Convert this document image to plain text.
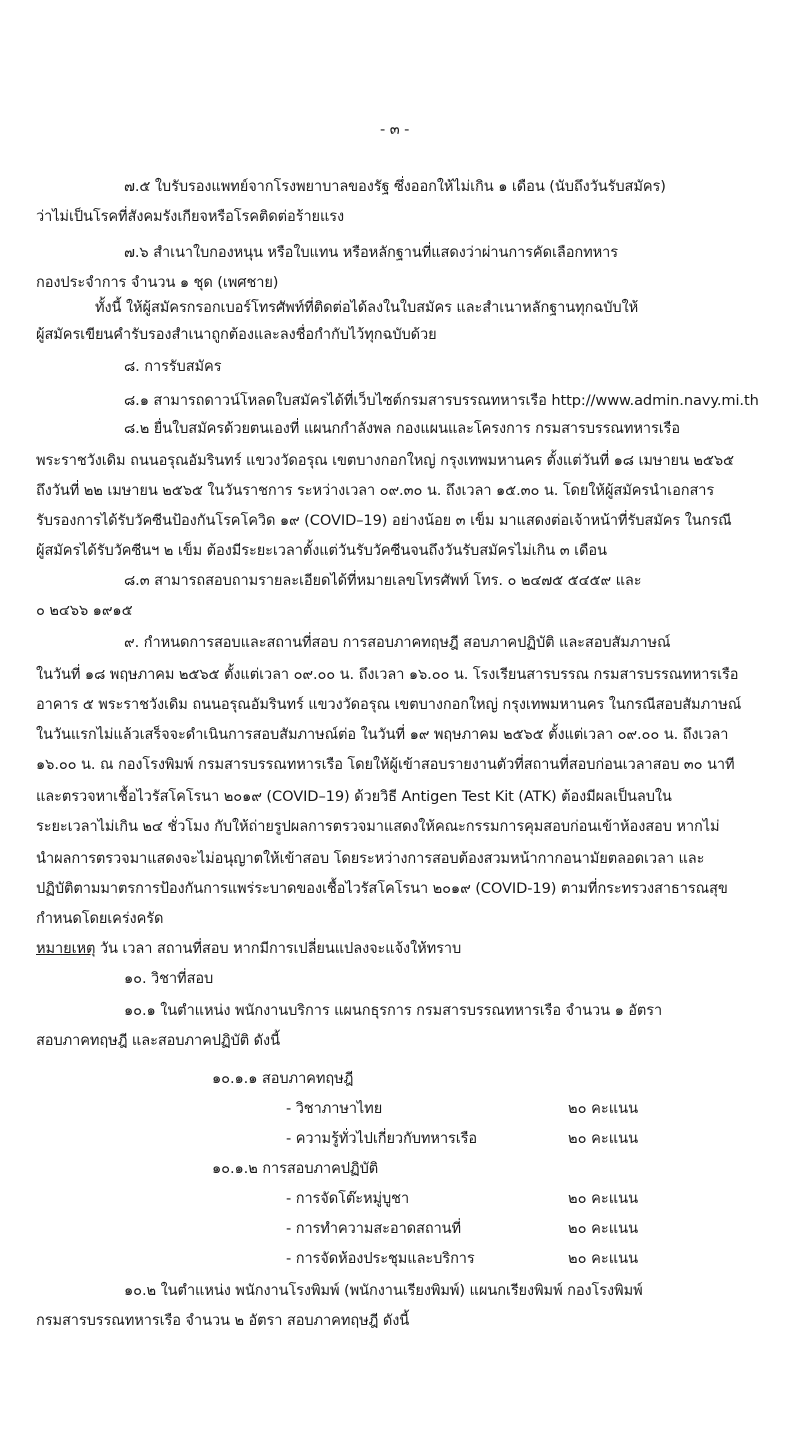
- ๓ -
๗.๕ ใบรับรองแพทย์จากโรงพยาบาลของรัฐ ซึ่งออกให้ไม่เกิน ๑ เดือน (นับถึงวันรับสมัคร)
ว่าไม่เป็นโรคที่สังคมรังเกียจหรือโรคติดต่อร้ายแรง
๗.๖ สำเนาใบกองหนุน หรือใบแทน หรือหลักฐานที่แสดงว่าผ่านการคัดเลือกทหาร
กองประจำการ จำนวน ๑ ชุด (เพศชาย)
ทั้งนี้ ให้ผู้สมัครกรอกเบอร์โทรศัพท์ที่ติดต่อได้ลงในใบสมัคร และสำเนาหลักฐานทุกฉบับให้
ผู้สมัครเขียนคำรับรองสำเนาถูกต้องและลงชื่อกำกับไว้ทุกฉบับด้วย
๘. การรับสมัคร
๘.๑ สามารถดาวน์โหลดใบสมัครได้ที่เว็บไซต์กรมสารบรรณทหารเรือ http://www.admin.navy.mi.th
๘.๒ ยื่นใบสมัครด้วยตนเองที่ แผนกกำลังพล กองแผนและโครงการ กรมสารบรรณทหารเรือ
พระราชวังเดิม ถนนอรุณอัมรินทร์ แขวงวัดอรุณ เขตบางกอกใหญ่ กรุงเทพมหานคร ตั้งแต่วันที่ ๑๘ เมษายน ๒๕๖๕
ถึงวันที่ ๒๒ เมษายน ๒๕๖๕ ในวันราชการ ระหว่างเวลา ๐๙.๓๐ น. ถึงเวลา ๑๕.๓๐ น. โดยให้ผู้สมัครนำเอกสาร
รับรองการได้รับวัคซีนป้องกันโรคโควิด ๑๙ (COVID–19) อย่างน้อย ๓ เข็ม มาแสดงต่อเจ้าหน้าที่รับสมัคร ในกรณี
ผู้สมัครได้รับวัคซีนฯ ๒ เข็ม ต้องมีระยะเวลาตั้งแต่วันรับวัคซีนจนถึงวันรับสมัครไม่เกิน ๓ เดือน
๘.๓ สามารถสอบถามรายละเอียดได้ที่หมายเลขโทรศัพท์ โทร. ๐ ๒๔๗๕ ๕๔๕๙ และ
๐ ๒๔๖๖ ๑๙๑๕
๙. กำหนดการสอบและสถานที่สอบ การสอบภาคทฤษฎี สอบภาคปฏิบัติ และสอบสัมภาษณ์
ในวันที่ ๑๘ พฤษภาคม ๒๕๖๕ ตั้งแต่เวลา ๐๙.๐๐ น. ถึงเวลา ๑๖.๐๐ น. โรงเรียนสารบรรณ กรมสารบรรณทหารเรือ
อาคาร ๕ พระราชวังเดิม ถนนอรุณอัมรินทร์ แขวงวัดอรุณ เขตบางกอกใหญ่ กรุงเทพมหานคร ในกรณีสอบสัมภาษณ์
ในวันแรกไม่แล้วเสร็จจะดำเนินการสอบสัมภาษณ์ต่อ ในวันที่ ๑๙ พฤษภาคม ๒๕๖๕ ตั้งแต่เวลา ๐๙.๐๐ น. ถึงเวลา
๑๖.๐๐ น. ณ กองโรงพิมพ์ กรมสารบรรณทหารเรือ โดยให้ผู้เข้าสอบรายงานตัวที่สถานที่สอบก่อนเวลาสอบ ๓๐ นาที
และตรวจหาเชื้อไวรัสโคโรนา ๒๐๑๙ (COVID–19) ด้วยวิธี Antigen Test Kit (ATK) ต้องมีผลเป็นลบใน
ระยะเวลาไม่เกิน ๒๔ ชั่วโมง กับให้ถ่ายรูปผลการตรวจมาแสดงให้คณะกรรมการคุมสอบก่อนเข้าห้องสอบ หากไม่
นำผลการตรวจมาแสดงจะไม่อนุญาตให้เข้าสอบ โดยระหว่างการสอบต้องสวมหน้ากากอนามัยตลอดเวลา และ
ปฏิบัติตามมาตรการป้องกันการแพร่ระบาดของเชื้อไวรัสโคโรนา ๒๐๑๙ (COVID-19) ตามที่กระทรวงสาธารณสุข
กำหนดโดยเคร่งครัด
หมายเหตุ วัน เวลา สถานที่สอบ หากมีการเปลี่ยนแปลงจะแจ้งให้ทราบ
๑๐. วิชาที่สอบ
๑๐.๑ ในตำแหน่ง พนักงานบริการ แผนกธุรการ กรมสารบรรณทหารเรือ จำนวน ๑ อัตรา
สอบภาคทฤษฎี และสอบภาคปฏิบัติ ดังนี้
๑๐.๑.๑ สอบภาคทฤษฎี
- วิชาภาษาไทย	๒๐ คะแนน
- ความรู้ทั่วไปเกี่ยวกับทหารเรือ	๒๐ คะแนน
๑๐.๑.๒ การสอบภาคปฏิบัติ
- การจัดโต๊ะหมู่บูชา	๒๐ คะแนน
- การทำความสะอาดสถานที่	๒๐ คะแนน
- การจัดห้องประชุมและบริการ	๒๐ คะแนน
๑๐.๒ ในตำแหน่ง พนักงานโรงพิมพ์ (พนักงานเรียงพิมพ์) แผนกเรียงพิมพ์ กองโรงพิมพ์
กรมสารบรรณทหารเรือ จำนวน ๒ อัตรา สอบภาคทฤษฎี ดังนี้
